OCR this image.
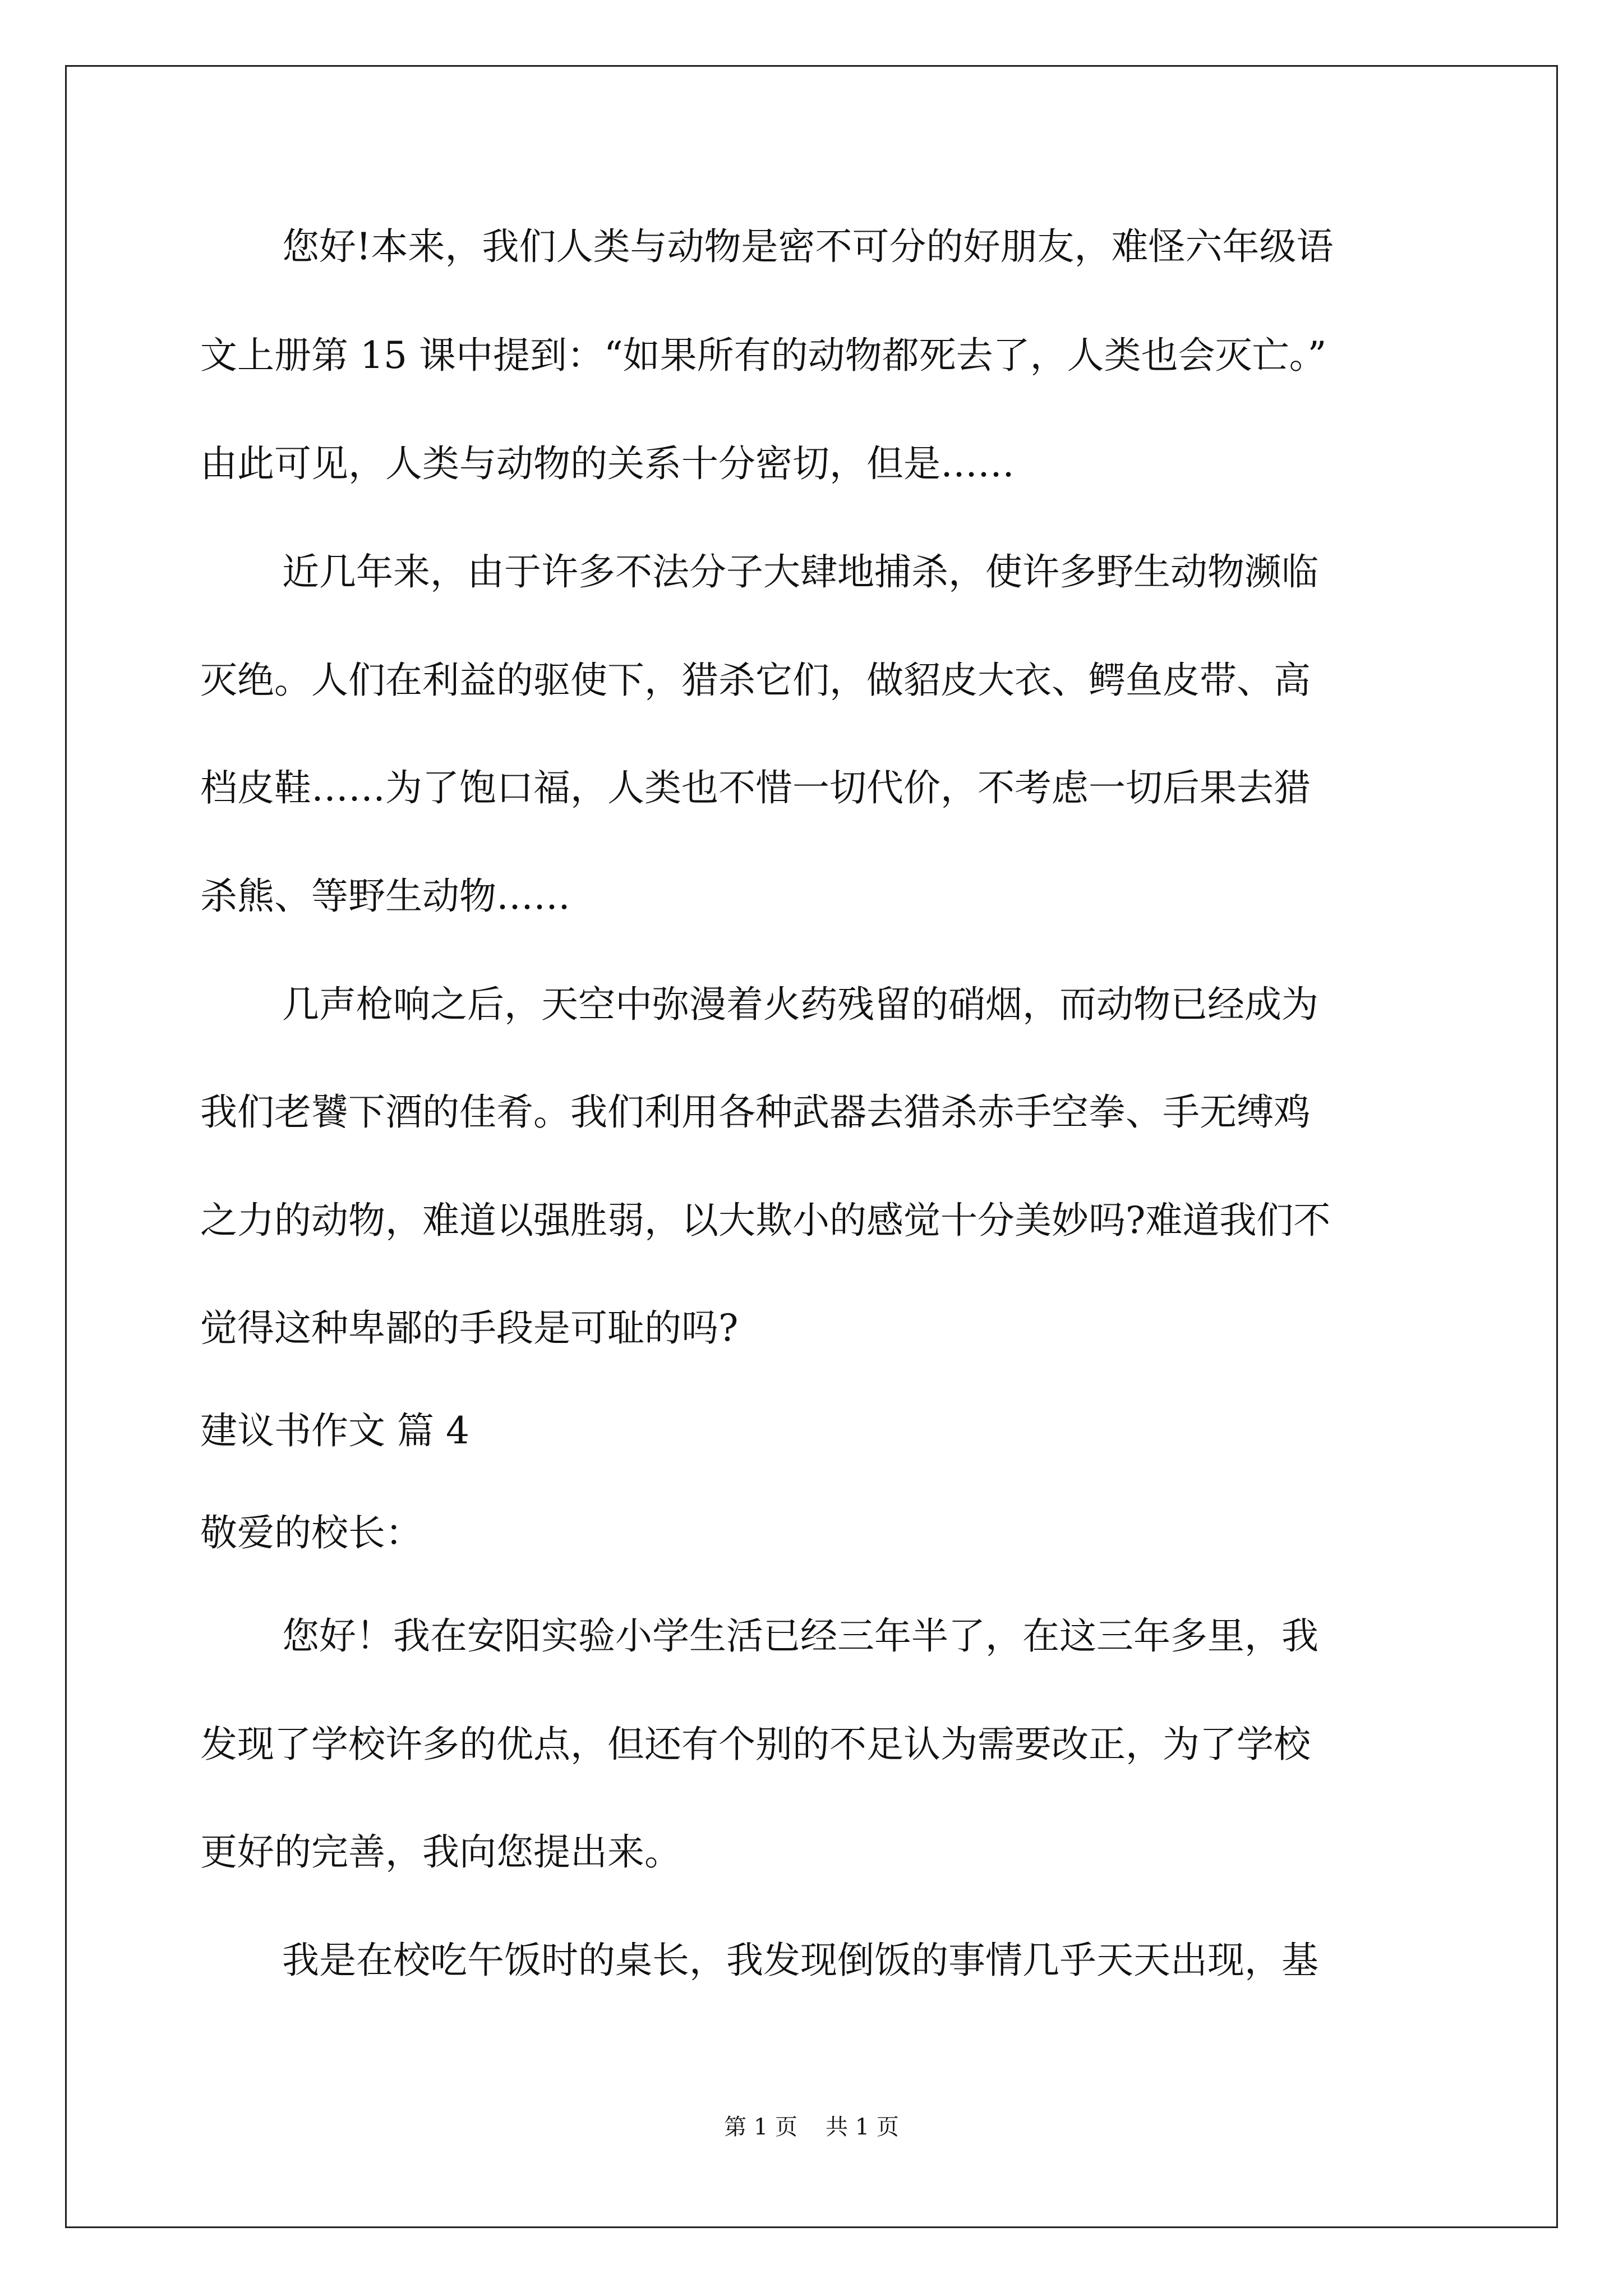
您好!本来，我们人类与动物是密不可分的好朋友，难怪六年级语
文上册第 15 课中提到：“如果所有的动物都死去了，人类也会灭亡。”
由此可见，人类与动物的关系十分密切，但是……
近几年来，由于许多不法分子大肆地捕杀，使许多野生动物濒临
灭绝。人们在利益的驱使下，猎杀它们，做貂皮大衣、鳄鱼皮带、高
档皮鞋……为了饱口福，人类也不惜一切代价，不考虑一切后果去猎
杀熊、等野生动物……
几声枪响之后，天空中弥漫着火药残留的硝烟，而动物已经成为
我们老饕下酒的佳肴。我们利用各种武器去猎杀赤手空拳、手无缚鸡
之力的动物，难道以强胜弱，以大欺小的感觉十分美妙吗?难道我们不
觉得这种卑鄙的手段是可耻的吗?
建议书作文 篇 4
敬爱的校长：
您好！我在安阳实验小学生活已经三年半了，在这三年多里，我
发现了学校许多的优点，但还有个别的不足认为需要改正，为了学校
更好的完善，我向您提出来。
我是在校吃午饭时的桌长，我发现倒饭的事情几乎天天出现，基
第 1 页 共 1 页
